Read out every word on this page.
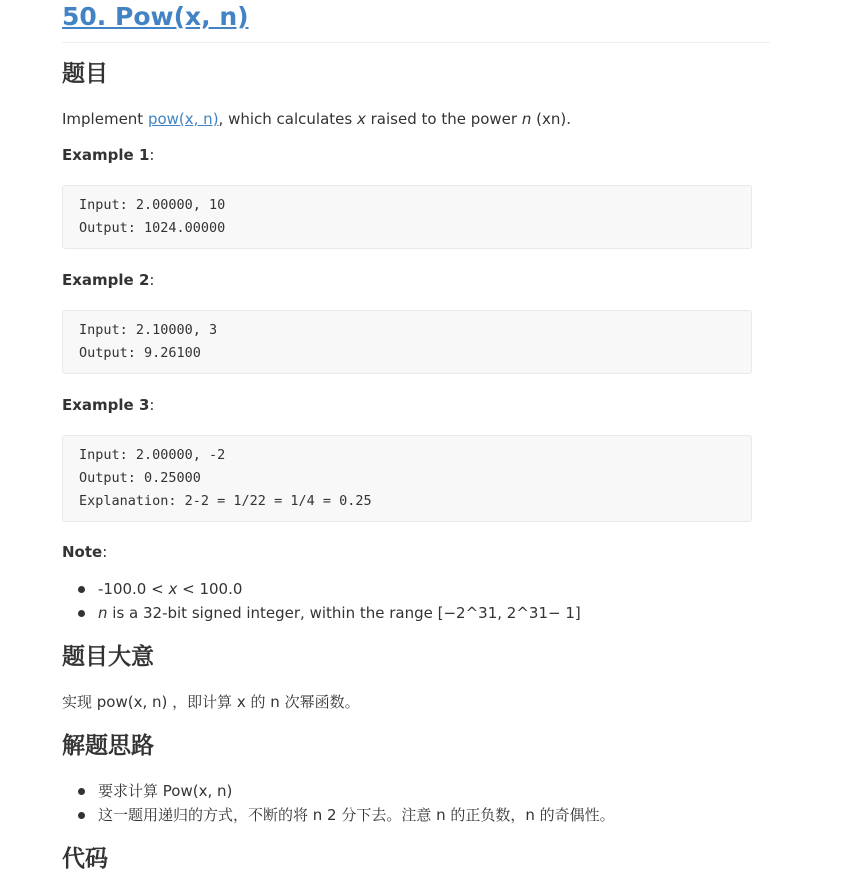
50. Pow(x, n)
题目

Implement pow(x, n), which calculates x raised to the power n (xn).

Example 1:

Input: 2.00000, 10
Output: 1024.00000

Example 2:

Input: 2.10000, 3
Output: 9.26100

Example 3:

Input: 2.00000, -2
Output: 0.25000
Explanation: 2-2 = 1/22 = 1/4 = 0.25

Note:

-100.0 < x < 100.0
n is a 32-bit signed integer, within the range [−2^31, 2^31− 1]
题目大意

实现 pow(x, n) ，即计算 x 的 n 次幂函数。

解题思路
要求计算 Pow(x, n)
这一题用递归的方式，不断的将 n 2 分下去。注意 n 的正负数，n 的奇偶性。
代码
